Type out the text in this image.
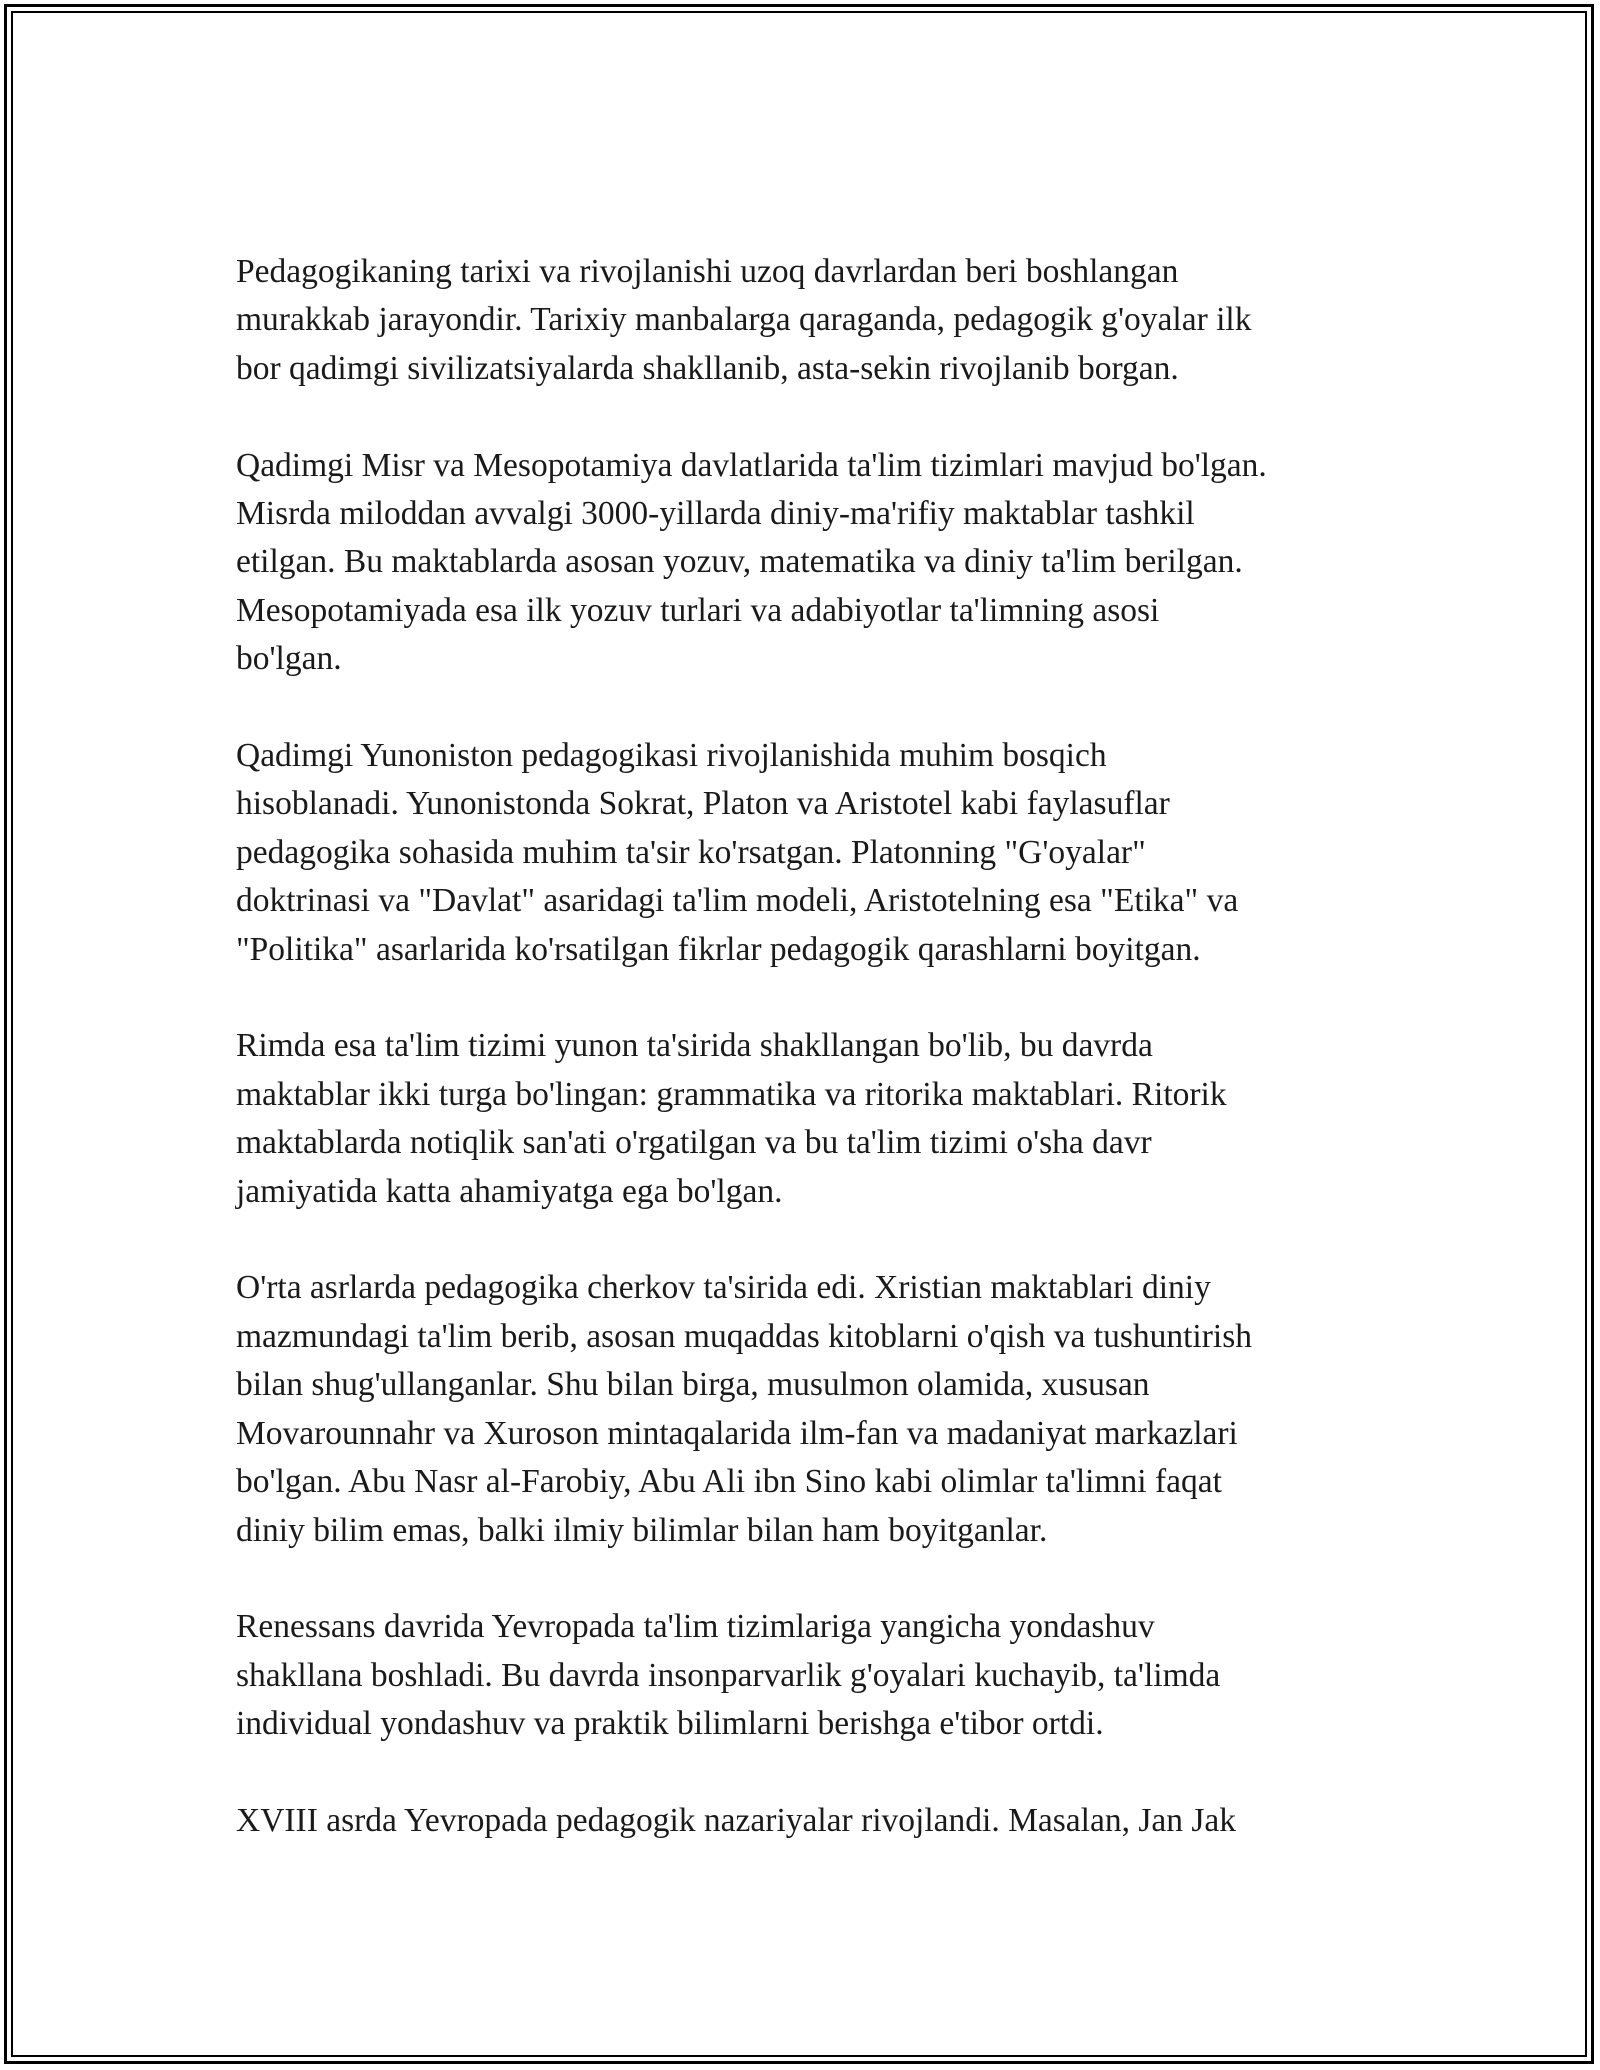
Pedagogikaning tarixi va rivojlanishi uzoq davrlardan beri boshlangan
murakkab jarayondir. Tarixiy manbalarga qaraganda, pedagogik g'oyalar ilk
bor qadimgi sivilizatsiyalarda shakllanib, asta-sekin rivojlanib borgan.

Qadimgi Misr va Mesopotamiya davlatlarida ta'lim tizimlari mavjud bo'lgan.
Misrda miloddan avvalgi 3000-yillarda diniy-ma'rifiy maktablar tashkil
etilgan. Bu maktablarda asosan yozuv, matematika va diniy ta'lim berilgan.
Mesopotamiyada esa ilk yozuv turlari va adabiyotlar ta'limning asosi
bo'lgan.

Qadimgi Yunoniston pedagogikasi rivojlanishida muhim bosqich
hisoblanadi. Yunonistonda Sokrat, Platon va Aristotel kabi faylasuflar
pedagogika sohasida muhim ta'sir ko'rsatgan. Platonning "G'oyalar"
doktrinasi va "Davlat" asaridagi ta'lim modeli, Aristotelning esa "Etika" va
"Politika" asarlarida ko'rsatilgan fikrlar pedagogik qarashlarni boyitgan.

Rimda esa ta'lim tizimi yunon ta'sirida shakllangan bo'lib, bu davrda
maktablar ikki turga bo'lingan: grammatika va ritorika maktablari. Ritorik
maktablarda notiqlik san'ati o'rgatilgan va bu ta'lim tizimi o'sha davr
jamiyatida katta ahamiyatga ega bo'lgan.

O'rta asrlarda pedagogika cherkov ta'sirida edi. Xristian maktablari diniy
mazmundagi ta'lim berib, asosan muqaddas kitoblarni o'qish va tushuntirish
bilan shug'ullanganlar. Shu bilan birga, musulmon olamida, xususan
Movarounnahr va Xuroson mintaqalarida ilm-fan va madaniyat markazlari
bo'lgan. Abu Nasr al-Farobiy, Abu Ali ibn Sino kabi olimlar ta'limni faqat
diniy bilim emas, balki ilmiy bilimlar bilan ham boyitganlar.

Renessans davrida Yevropada ta'lim tizimlariga yangicha yondashuv
shakllana boshladi. Bu davrda insonparvarlik g'oyalari kuchayib, ta'limda
individual yondashuv va praktik bilimlarni berishga e'tibor ortdi.

XVIII asrda Yevropada pedagogik nazariyalar rivojlandi. Masalan, Jan Jak
